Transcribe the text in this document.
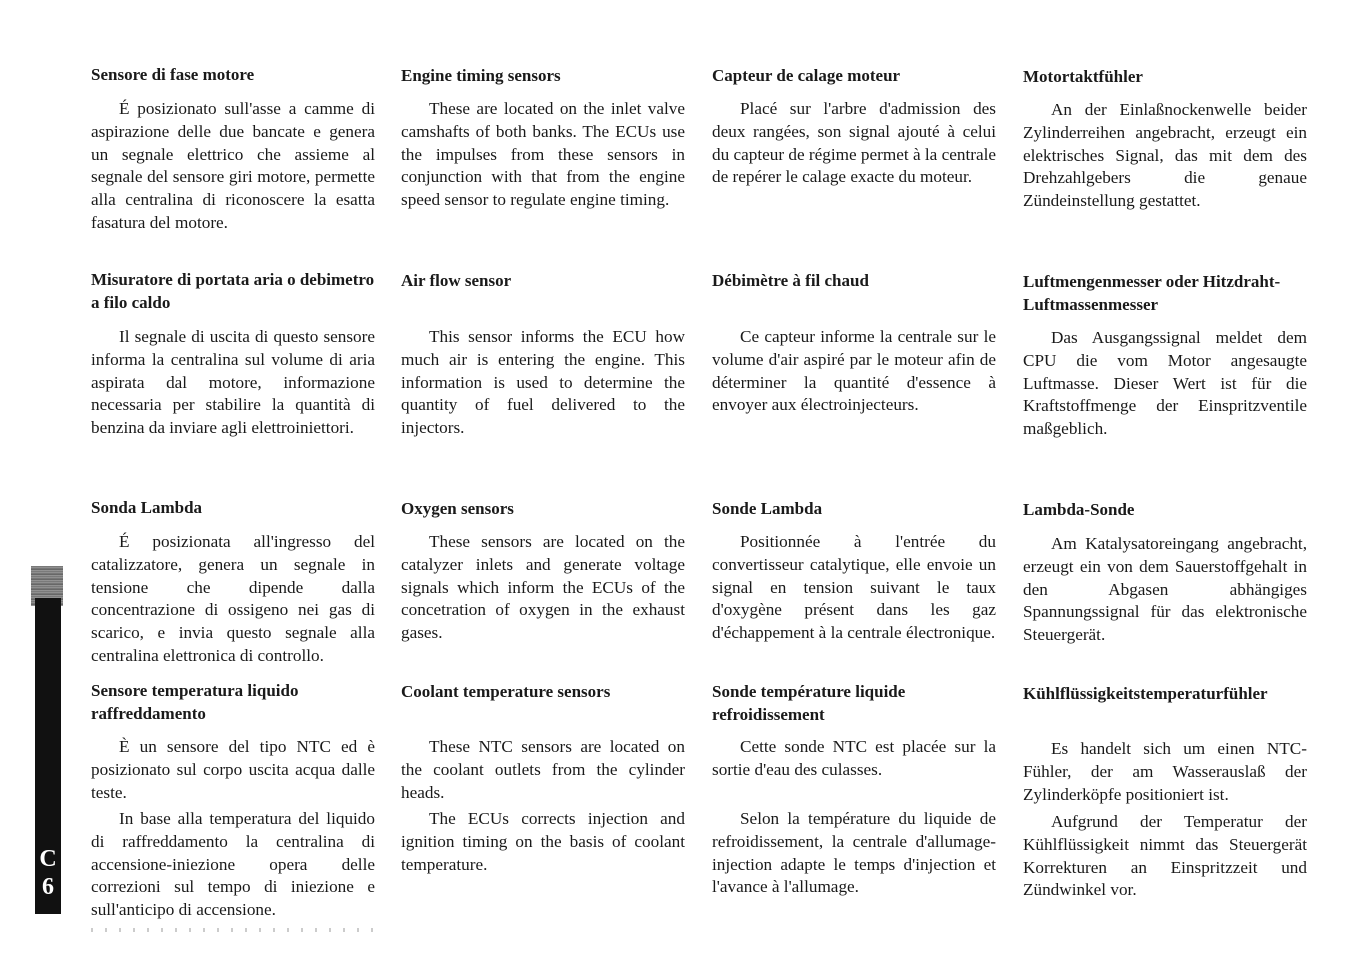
C
6
Sensore di fase motore

É posizionato sull'asse a camme di aspirazione delle due bancate e genera un segnale elettrico che assieme al segnale del sensore giri motore, permette alla centralina di riconoscere la esatta fasatura del motore.

Misuratore di portata aria o debimetro a filo caldo

Il segnale di uscita di questo sensore informa la centralina sul volume di aria aspirata dal motore, informazione necessaria per stabilire la quantità di benzina da inviare agli elettroiniettori.

Sonda Lambda

É posizionata all'ingresso del catalizzatore, genera un segnale in tensione che dipende dalla concentrazione di ossigeno nei gas di scarico, e invia questo segnale alla centralina elettronica di controllo.

Sensore temperatura liquido raffreddamento

È un sensore del tipo NTC ed è posizionato sul corpo uscita acqua dalle teste.

In base alla temperatura del liquido di raffreddamento la centralina di accensione-iniezione opera delle correzioni sul tempo di iniezione e sull'anticipo di accensione.

Engine timing sensors

These are located on the inlet valve camshafts of both banks. The ECUs use the impulses from these sensors in conjunction with that from the engine speed sensor to regulate engine timing.

Air flow sensor

This sensor informs the ECU how much air is entering the engine. This information is used to determine the quantity of fuel delivered to the injectors.

Oxygen sensors

These sensors are located on the catalyzer inlets and generate voltage signals which inform the ECUs of the concetration of oxygen in the exhaust gases.

Coolant temperature sensors

These NTC sensors are located on the coolant outlets from the cylinder heads.

The ECUs corrects injection and ignition timing on the basis of coolant temperature.

Capteur de calage moteur

Placé sur l'arbre d'admission des deux rangées, son signal ajouté à celui du capteur de régime permet à la centrale de repérer le calage exacte du moteur.

Débimètre à fil chaud

Ce capteur informe la centrale sur le volume d'air aspiré par le moteur afin de déterminer la quantité d'essence à envoyer aux électroinjecteurs.

Sonde Lambda

Positionnée à l'entrée du convertisseur catalytique, elle envoie un signal en tension suivant le taux d'oxygène présent dans les gaz d'échappement à la centrale électronique.

Sonde température liquide refroidissement

Cette sonde NTC est placée sur la sortie d'eau des culasses.

Selon la température du liquide de refroidissement, la centrale d'allumage-injection adapte le temps d'injection et l'avance à l'allumage.

Motortaktfühler

An der Einlaßnockenwelle beider Zylinderreihen angebracht, erzeugt ein elektrisches Signal, das mit dem des Drehzahlgebers die genaue Zündeinstellung gestattet.

Luftmengenmesser oder Hitzdraht-Luftmassenmesser

Das Ausgangssignal meldet dem CPU die vom Motor angesaugte Luftmasse. Dieser Wert ist für die Kraftstoffmenge der Einspritzventile maßgeblich.

Lambda-Sonde

Am Katalysatoreingang angebracht, erzeugt ein von dem Sauerstoffgehalt in den Abgasen abhängiges Spannungssignal für das elektronische Steuergerät.

Kühlflüssigkeitstemperaturfühler

Es handelt sich um einen NTC-Fühler, der am Wasserauslaß der Zylinderköpfe positioniert ist.

Aufgrund der Temperatur der Kühlflüssigkeit nimmt das Steuergerät Korrekturen an Einspritzzeit und Zündwinkel vor.
